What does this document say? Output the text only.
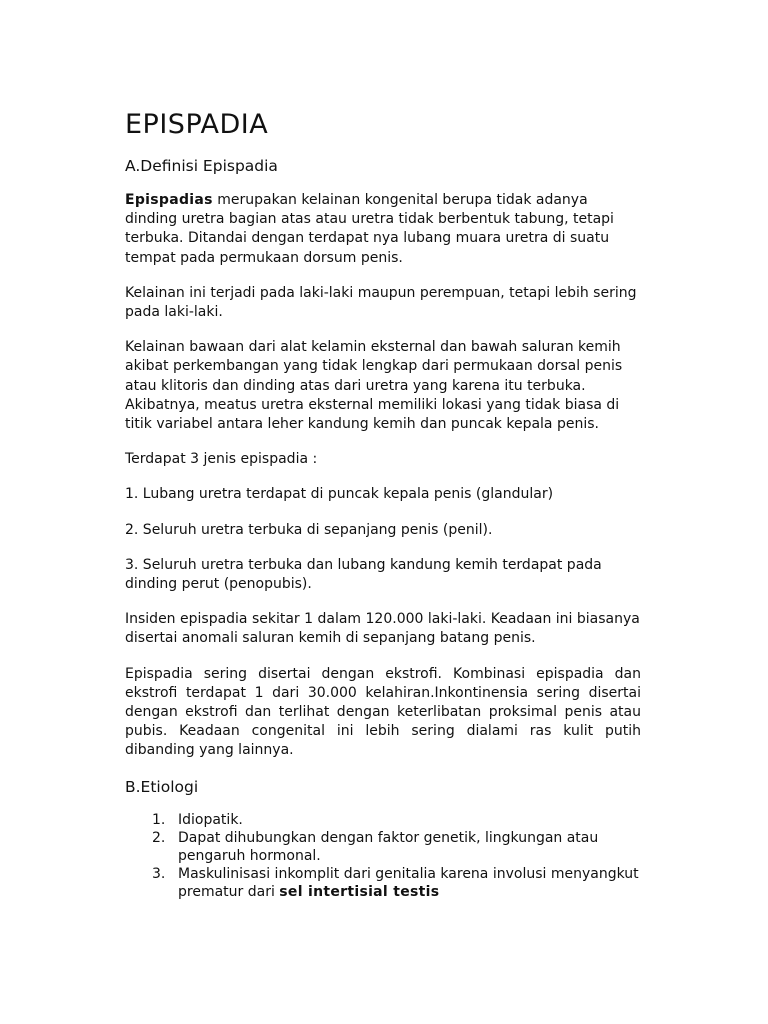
EPISPADIA
A.Definisi Epispadia

Epispadias merupakan kelainan kongenital berupa tidak adanya dinding uretra bagian atas atau uretra tidak berbentuk tabung, tetapi terbuka. Ditandai dengan terdapat nya lubang muara uretra di suatu tempat pada permukaan dorsum penis.

Kelainan ini terjadi pada laki-laki maupun perempuan, tetapi lebih sering pada laki-laki.

Kelainan bawaan dari alat kelamin eksternal dan bawah saluran kemih akibat perkembangan yang tidak lengkap dari permukaan dorsal penis atau klitoris dan dinding atas dari uretra yang karena itu terbuka. Akibatnya, meatus uretra eksternal memiliki lokasi yang tidak biasa di titik variabel antara leher kandung kemih dan puncak kepala penis.

Terdapat 3 jenis epispadia :

1. Lubang uretra terdapat di puncak kepala penis (glandular)

2. Seluruh uretra terbuka di sepanjang penis (penil).

3. Seluruh uretra terbuka dan lubang kandung kemih terdapat pada dinding perut (penopubis).

Insiden epispadia sekitar 1 dalam 120.000 laki-laki. Keadaan ini biasanya disertai anomali saluran kemih di sepanjang batang penis.

Epispadia sering disertai dengan ekstrofi. Kombinasi epispadia dan ekstrofi terdapat 1 dari 30.000 kelahiran.Inkontinensia sering disertai dengan ekstrofi dan terlihat dengan keterlibatan proksimal penis atau pubis. Keadaan congenital ini lebih sering dialami ras kulit putih dibanding yang lainnya.

B.Etiologi
1. Idiopatik.
2. Dapat dihubungkan dengan faktor genetik, lingkungan atau pengaruh hormonal.
3. Maskulinisasi inkomplit dari genitalia karena involusi menyangkut prematur dari sel intertisial testis
